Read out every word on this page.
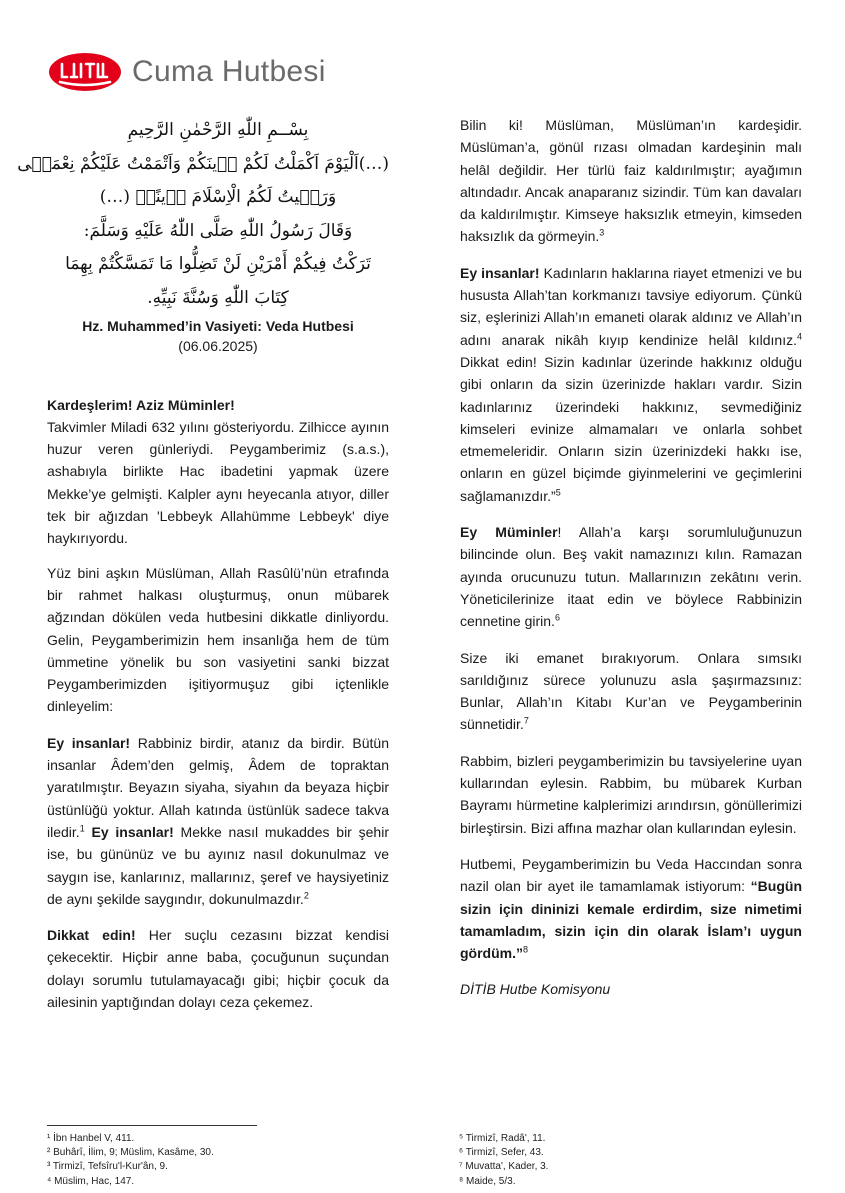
Cuma Hutbesi
بِسْــمِ اللّٰهِ الرَّحْمٰنِ الرَّحِيمِ
(…)اَلْيَوْمَ اَكْمَلْتُ لَكُمْ دٖينَكُمْ وَاَتْمَمْتُ عَلَيْكُمْ نِعْمَتٖى
وَرَضٖيتُ لَكُمُ الْاِسْلَامَ دٖينًاۜ (…)
وَقَالَ رَسُولُ اللّٰهِ صَلَّى اللّٰهُ عَلَيْهِ وَسَلَّمَ:
تَرَكْتُ فِيكُمْ أَمْرَيْنِ لَنْ تَضِلُّوا مَا تَمَسَّكْتُمْ بِهِمَا
كِتَابَ اللّٰهِ وَسُنَّةَ نَبِيِّهِ.

Hz. Muhammed’in Vasiyeti: Veda Hutbesi

(06.06.2025)

Kardeşlerim! Aziz Müminler!
Takvimler Miladi 632 yılını gösteriyordu. Zilhicce ayının huzur veren günleriydi. Peygamberimiz (s.a.s.), ashabıyla birlikte Hac ibadetini yapmak üzere Mekke’ye gelmişti. Kalpler aynı heyecanla atıyor, diller tek bir ağızdan 'Lebbeyk Allahümme Lebbeyk' diye haykırıyordu.

Yüz bini aşkın Müslüman, Allah Rasûlü’nün etrafında bir rahmet halkası oluşturmuş, onun mübarek ağzından dökülen veda hutbesini dikkatle dinliyordu. Gelin, Peygamberimizin hem insanlığa hem de tüm ümmetine yönelik bu son vasiyetini sanki bizzat Peygamberimizden işitiyormuşuz gibi içtenlikle dinleyelim:

Ey insanlar! Rabbiniz birdir, atanız da birdir. Bütün insanlar Âdem’den gelmiş, Âdem de topraktan yaratılmıştır. Beyazın siyaha, siyahın da beyaza hiçbir üstünlüğü yoktur. Allah katında üstünlük sadece takva iledir.$^1$ Ey insanlar! Mekke nasıl mukaddes bir şehir ise, bu gününüz ve bu ayınız nasıl dokunulmaz ve saygın ise, kanlarınız, mallarınız, şeref ve haysiyetiniz de aynı şekilde saygındır, dokunulmazdır.$^2$

Dikkat edin! Her suçlu cezasını bizzat kendisi çekecektir. Hiçbir anne baba, çocuğunun suçundan dolayı sorumlu tutulamayacağı gibi; hiçbir çocuk da ailesinin yaptığından dolayı ceza çekemez.

Bilin ki! Müslüman, Müslüman’ın kardeşidir. Müslüman’a, gönül rızası olmadan kardeşinin malı helâl değildir. Her türlü faiz kaldırılmıştır; ayağımın altındadır. Ancak anaparanız sizindir. Tüm kan davaları da kaldırılmıştır. Kimseye haksızlık etmeyin, kimseden haksızlık da görmeyin.$^3$

Ey insanlar! Kadınların haklarına riayet etmenizi ve bu hususta Allah’tan korkmanızı tavsiye ediyorum. Çünkü siz, eşlerinizi Allah’ın emaneti olarak aldınız ve Allah’ın adını anarak nikâh kıyıp kendinize helâl kıldınız.$^4$ Dikkat edin! Sizin kadınlar üzerinde hakkınız olduğu gibi onların da sizin üzerinizde hakları vardır. Sizin kadınlarınız üzerindeki hakkınız, sevmediğiniz kimseleri evinize almamaları ve onlarla sohbet etmemeleridir. Onların sizin üzerinizdeki hakkı ise, onların en güzel biçimde giyinmelerini ve geçimlerini sağlamanızdır.”$^5$

Ey Müminler! Allah’a karşı sorumluluğunuzun bilincinde olun. Beş vakit namazınızı kılın. Ramazan ayında orucunuzu tutun. Mallarınızın zekâtını verin. Yöneticilerinize itaat edin ve böylece Rabbinizin cennetine girin.$^6$

Size iki emanet bırakıyorum. Onlara sımsıkı sarıldığınız sürece yolunuzu asla şaşırmazsınız: Bunlar, Allah’ın Kitabı Kur’an ve Peygamberinin sünnetidir.$^7$

Rabbim, bizleri peygamberimizin bu tavsiyelerine uyan kullarından eylesin. Rabbim, bu mübarek Kurban Bayramı hürmetine kalplerimizi arındırsın, gönüllerimizi birleştirsin. Bizi affına mazhar olan kullarından eylesin.

Hutbemi, Peygamberimizin bu Veda Haccından sonra nazil olan bir ayet ile tamamlamak istiyorum: “Bugün sizin için dininizi kemale erdirdim, size nimetimi tamamladım, sizin için din olarak İslam’ı uygun gördüm.”$^8$

DİTİB Hutbe Komisyonu

¹ İbn Hanbel V, 411.
² Buhârî, İlim, 9; Müslim, Kasâme, 30.
³ Tirmizî, Tefsîru'l-Kur'ân, 9.
⁴ Müslim, Hac, 147.
⁵ Tirmizî, Radâ', 11.
⁶ Tirmizî, Sefer, 43.
⁷ Muvatta', Kader, 3.
⁸ Maide, 5/3.
